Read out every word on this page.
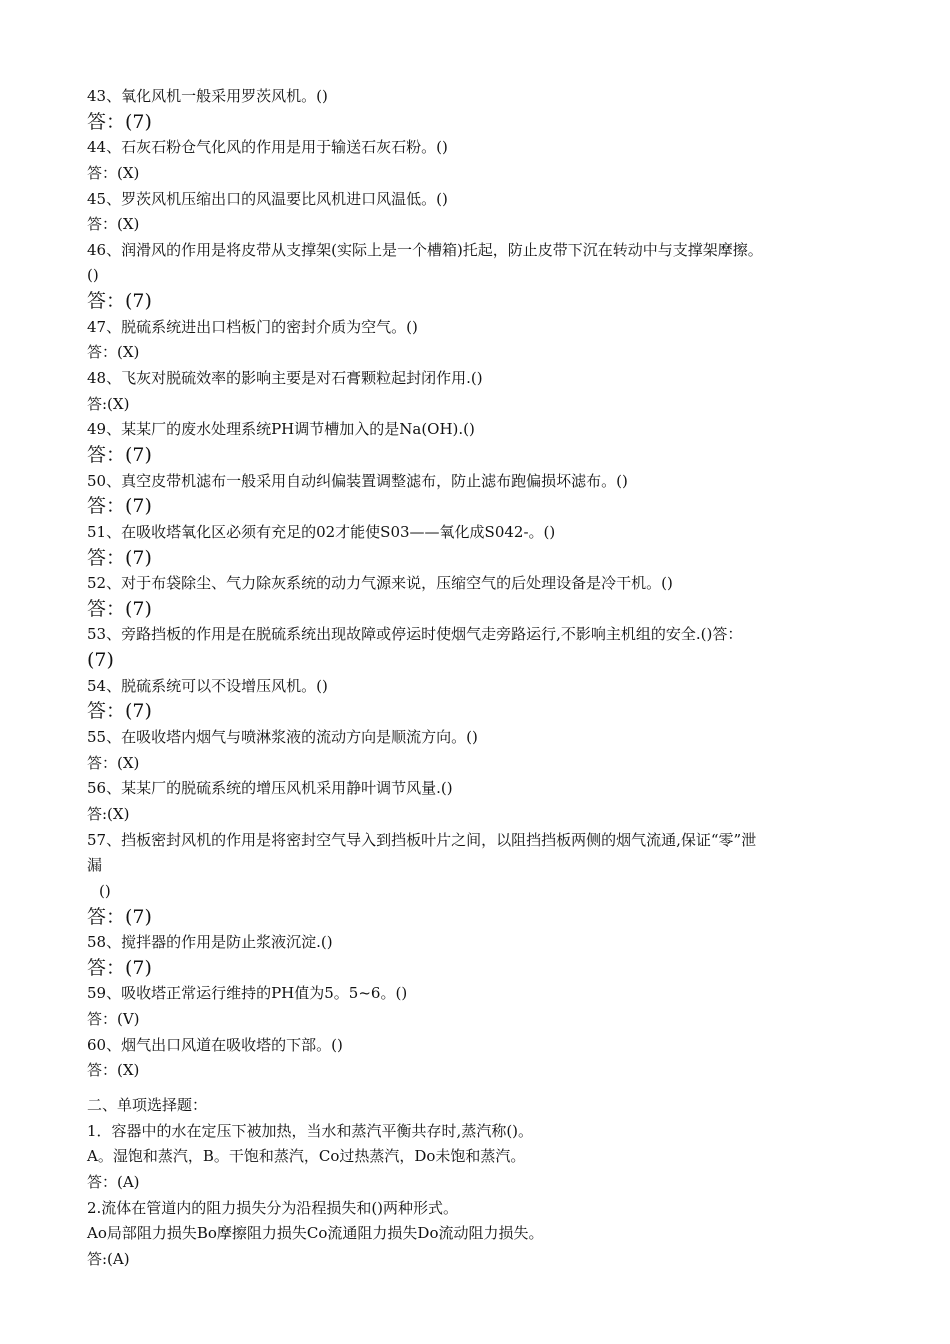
43、氧化风机一般采用罗茨风机。()
答：(7)
44、石灰石粉仓气化风的作用是用于输送石灰石粉。()
答：(X)
45、罗茨风机压缩出口的风温要比风机进口风温低。()
答：(X)
46、润滑风的作用是将皮带从支撑架(实际上是一个槽箱)托起，防止皮带下沉在转动中与支撑架摩擦。
()
答：(7)
47、脱硫系统进出口档板门的密封介质为空气。()
答：(X)
48、飞灰对脱硫效率的影响主要是对石膏颗粒起封闭作用.()
答:(X)
49、某某厂的废水处理系统PH调节槽加入的是Na(OH).()
答：(7)
50、真空皮带机滤布一般采用自动纠偏装置调整滤布，防止滤布跑偏损坏滤布。()
答：(7)
51、在吸收塔氧化区必须有充足的02才能使S03——氧化成S042-。()
答：(7)
52、对于布袋除尘、气力除灰系统的动力气源来说，压缩空气的后处理设备是冷干机。()
答：(7)
53、旁路挡板的作用是在脱硫系统出现故障或停运时使烟气走旁路运行,不影响主机组的安全.()答：
(7)
54、脱硫系统可以不设增压风机。()
答：(7)
55、在吸收塔内烟气与喷淋浆液的流动方向是顺流方向。()
答：(X)
56、某某厂的脱硫系统的增压风机采用静叶调节风量.()
答:(X)
57、挡板密封风机的作用是将密封空气导入到挡板叶片之间，以阻挡挡板两侧的烟气流通,保证“零”泄
漏
()
答：(7)
58、搅拌器的作用是防止浆液沉淀.()
答：(7)
59、吸收塔正常运行维持的PH值为5。5~6。()
答：(V)
60、烟气出口风道在吸收塔的下部。()
答：(X)
二、单项选择题：
1．容器中的水在定压下被加热，当水和蒸汽平衡共存时,蒸汽称()。
A。湿饱和蒸汽，B。干饱和蒸汽，Co过热蒸汽，Do未饱和蒸汽。
答：(A)
2.流体在管道内的阻力损失分为沿程损失和()两种形式。
Ao局部阻力损失Bo摩擦阻力损失Co流通阻力损失Do流动阻力损失。
答:(A)
